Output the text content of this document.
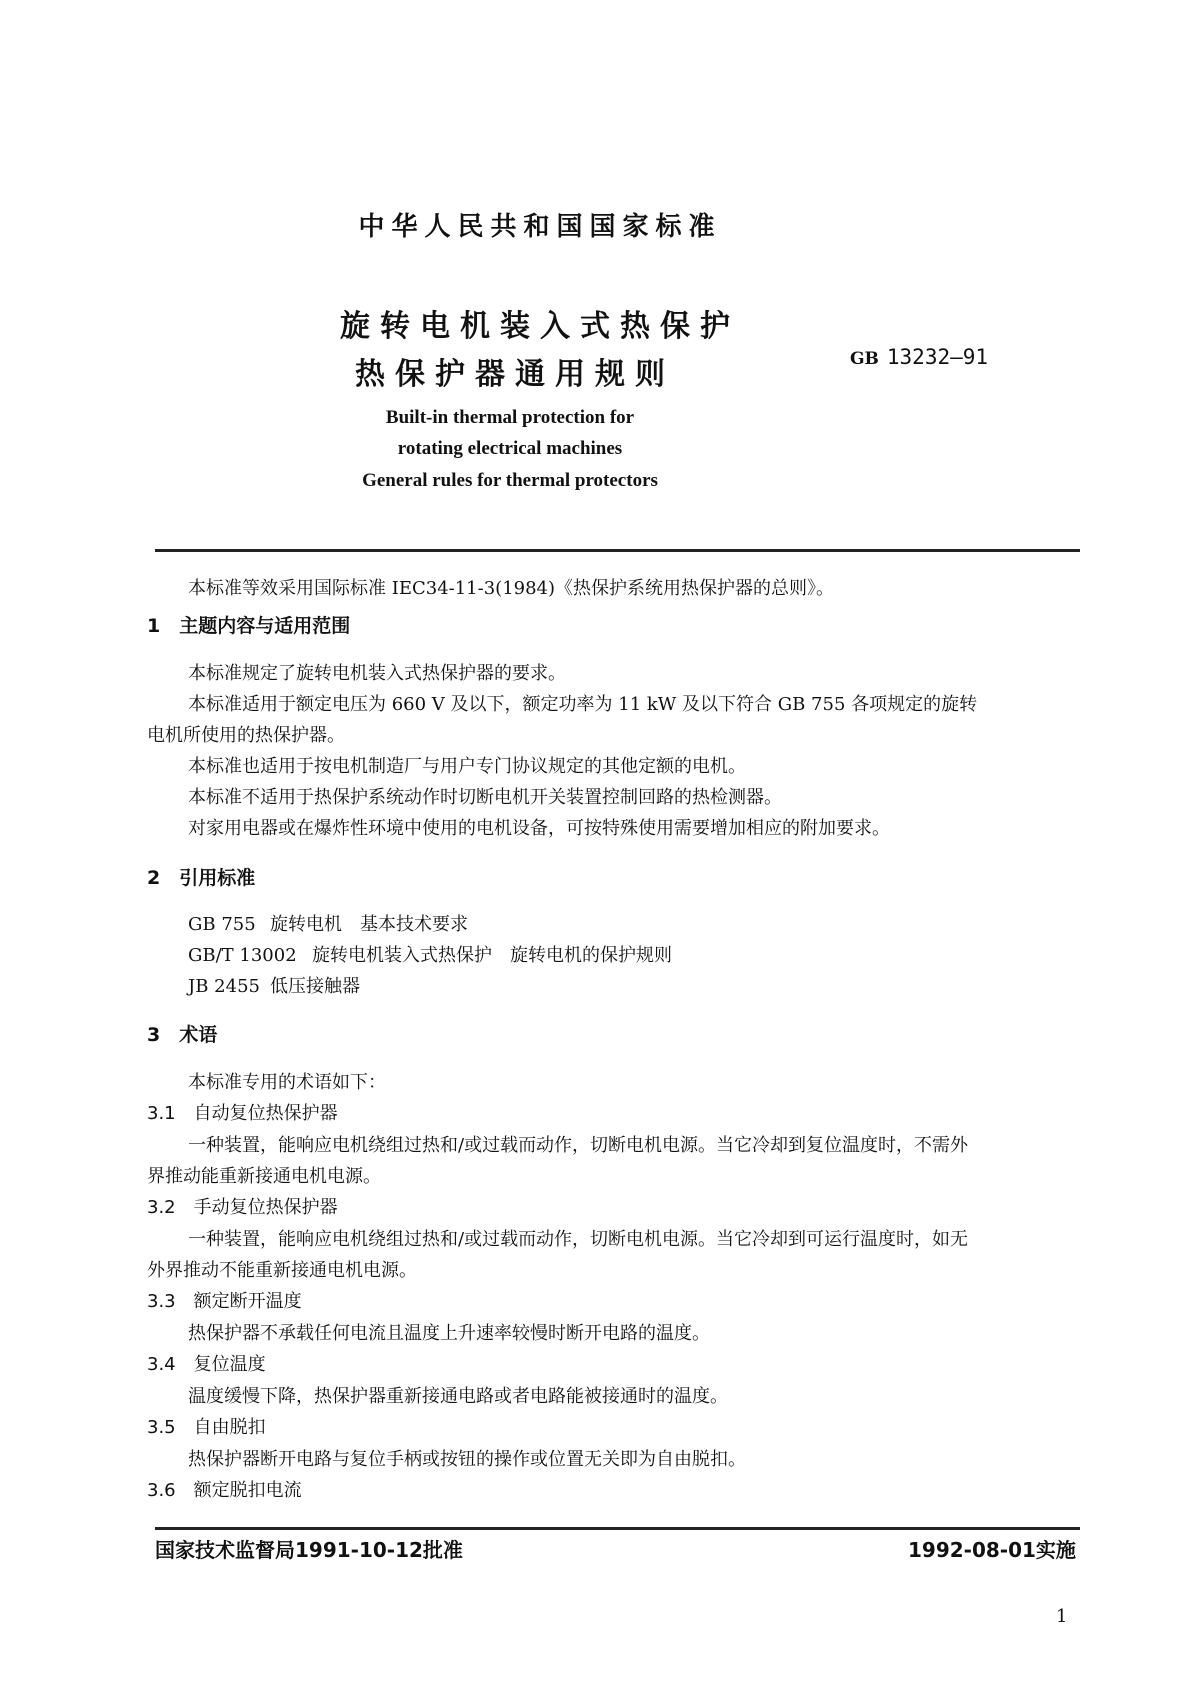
中华人民共和国国家标准
旋转电机装入式热保护
热保护器通用规则	GB 13232—91
Built-in thermal protection for
rotating electrical machines
General rules for thermal protectors
本标准等效采用国际标准 IEC34-11-3(1984)《热保护系统用热保护器的总则》。
1　主题内容与适用范围
本标准规定了旋转电机装入式热保护器的要求。
本标准适用于额定电压为 660 V 及以下，额定功率为 11 kW 及以下符合 GB 755 各项规定的旋转
电机所使用的热保护器。
本标准也适用于按电机制造厂与用户专门协议规定的其他定额的电机。
本标准不适用于热保护系统动作时切断电机开关装置控制回路的热检测器。
对家用电器或在爆炸性环境中使用的电机设备，可按特殊使用需要增加相应的附加要求。
2　引用标准
GB 755 旋转电机　基本技术要求
GB/T 13002 旋转电机装入式热保护　旋转电机的保护规则
JB 2455 低压接触器
3　术语
本标准专用的术语如下：
3.1　自动复位热保护器
一种装置，能响应电机绕组过热和/或过载而动作，切断电机电源。当它冷却到复位温度时，不需外
界推动能重新接通电机电源。
3.2　手动复位热保护器
一种装置，能响应电机绕组过热和/或过载而动作，切断电机电源。当它冷却到可运行温度时，如无
外界推动不能重新接通电机电源。
3.3　额定断开温度
热保护器不承载任何电流且温度上升速率较慢时断开电路的温度。
3.4　复位温度
温度缓慢下降，热保护器重新接通电路或者电路能被接通时的温度。
3.5　自由脱扣
热保护器断开电路与复位手柄或按钮的操作或位置无关即为自由脱扣。
3.6　额定脱扣电流
国家技术监督局1991-10-12批准	1992-08-01实施
1
